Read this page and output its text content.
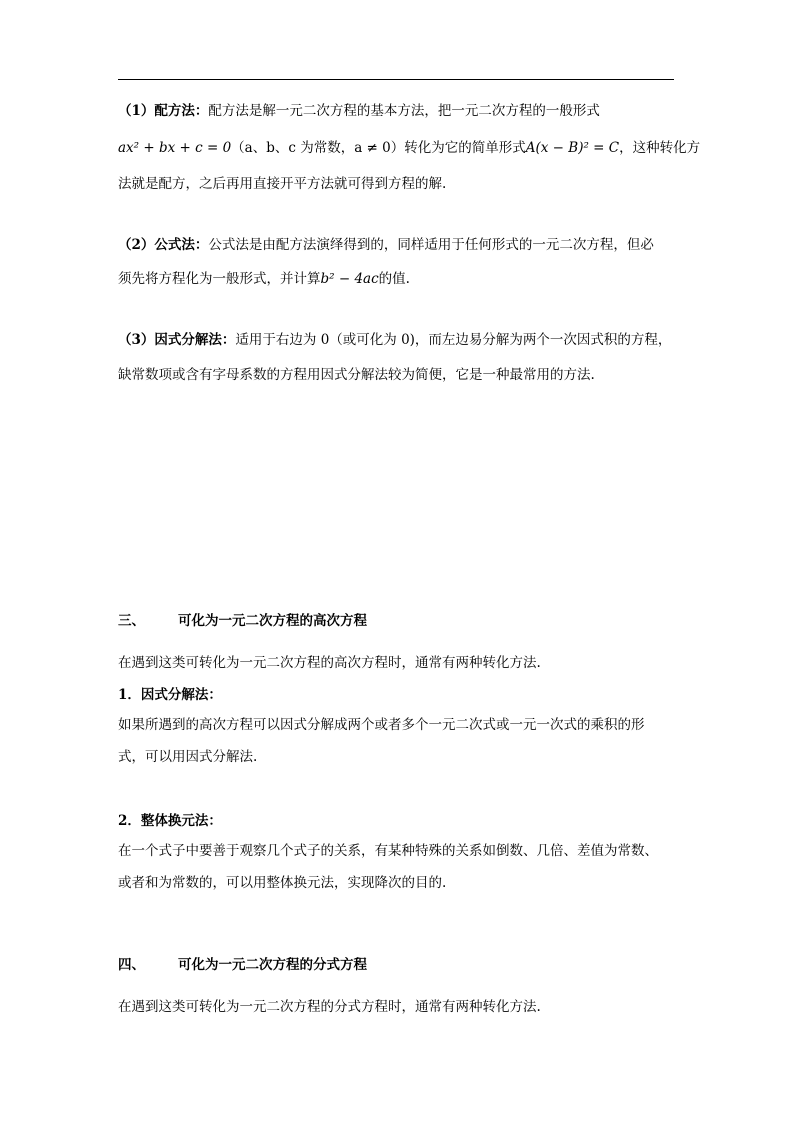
（1）配方法：配方法是解一元二次方程的基本方法，把一元二次方程的一般形式
ax² + bx + c = 0（a、b、c 为常数，a ≠ 0）转化为它的简单形式A(x − B)² = C，这种转化方
法就是配方，之后再用直接开平方法就可得到方程的解.
（2）公式法：公式法是由配方法演绎得到的，同样适用于任何形式的一元二次方程，但必
须先将方程化为一般形式，并计算b² − 4ac的值.
（3）因式分解法：适用于右边为 0（或可化为 0)，而左边易分解为两个一次因式积的方程，
缺常数项或含有字母系数的方程用因式分解法较为简便，它是一种最常用的方法.
三、 可化为一元二次方程的高次方程
在遇到这类可转化为一元二次方程的高次方程时，通常有两种转化方法.
1．因式分解法：
如果所遇到的高次方程可以因式分解成两个或者多个一元二次式或一元一次式的乘积的形
式，可以用因式分解法.
2．整体换元法：
在一个式子中要善于观察几个式子的关系，有某种特殊的关系如倒数、几倍、差值为常数、
或者和为常数的，可以用整体换元法，实现降次的目的.
四、 可化为一元二次方程的分式方程
在遇到这类可转化为一元二次方程的分式方程时，通常有两种转化方法.
